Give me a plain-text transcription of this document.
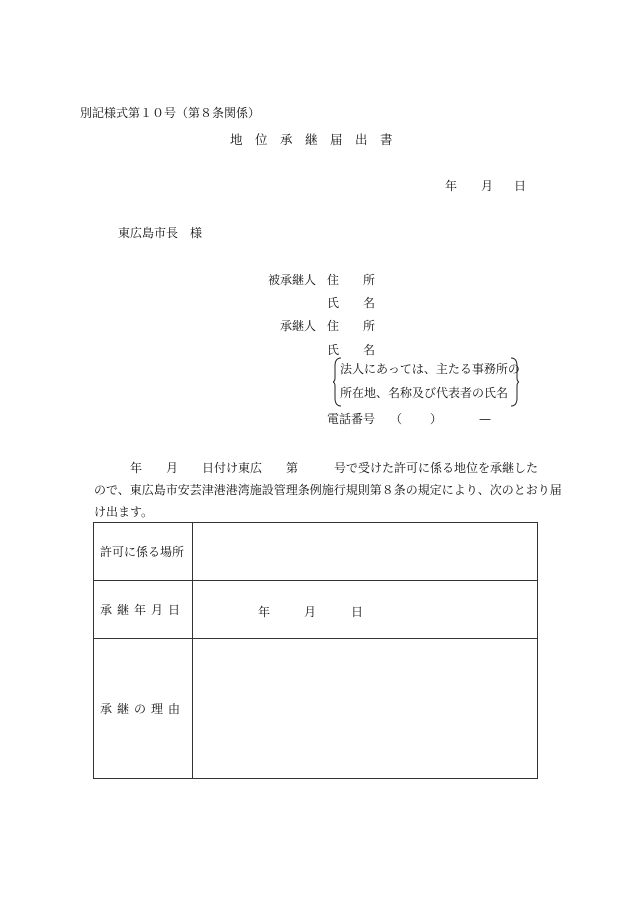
別記様式第１０号（第８条関係）
地　位　承　継　届　出　書
年 月 日
東広島市長　様
被承継人 住　　所
氏　　名
承継人 住　　所
氏　　名
法人にあっては、主たる事務所の
所在地、名称及び代表者の氏名
電話番号 （ ）	—
　　　年　　月　　日付け東広　　第　　　号で受けた許可に係る地位を承継した
ので、東広島市安芸津港港湾施設管理条例施行規則第８条の規定により、次のとおり届
け出ます。
許可に係る場所	

承 継 年 月 日	年 月 日

承 継 の 理 由	
